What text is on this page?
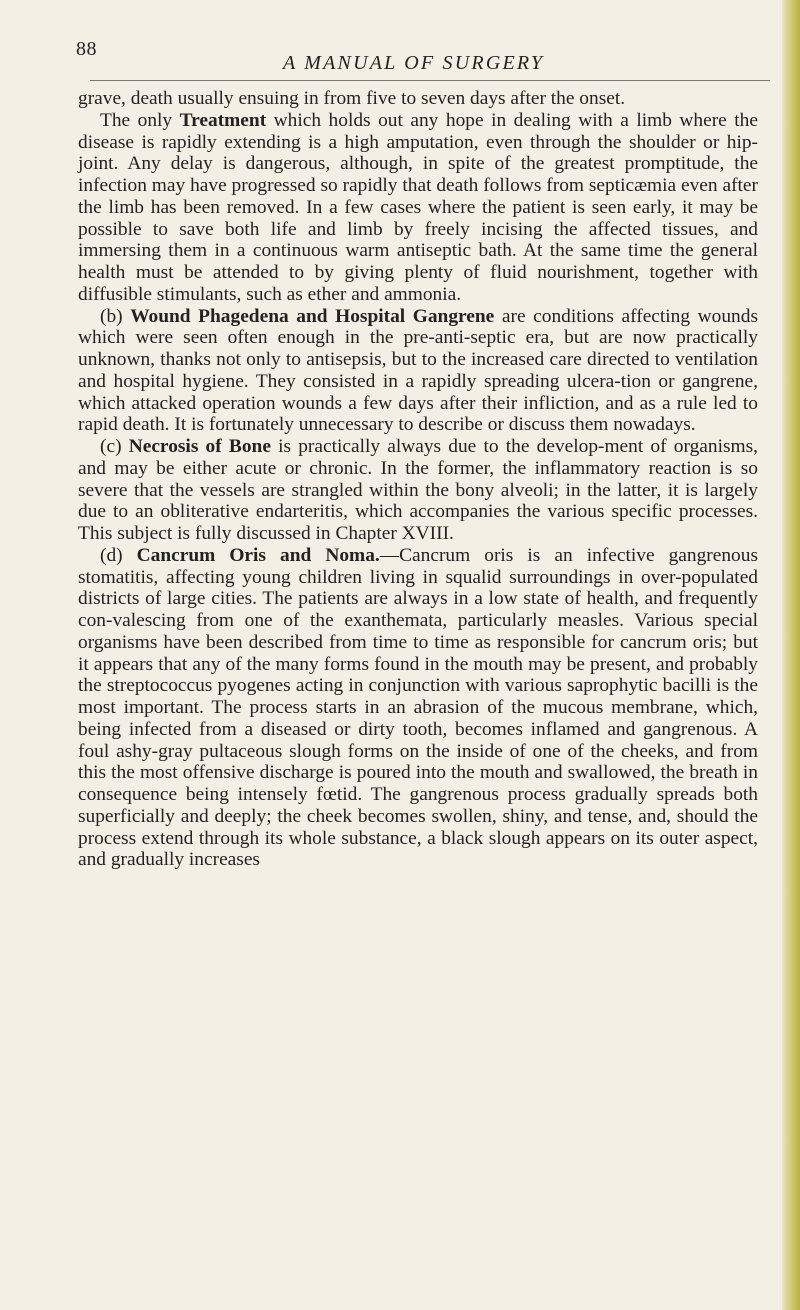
88
A MANUAL OF SURGERY

grave, death usually ensuing in from five to seven days after the onset.

The only Treatment which holds out any hope in dealing with a limb where the disease is rapidly extending is a high amputation, even through the shoulder or hip-joint. Any delay is dangerous, although, in spite of the greatest promptitude, the infection may have progressed so rapidly that death follows from septicæmia even after the limb has been removed. In a few cases where the patient is seen early, it may be possible to save both life and limb by freely incising the affected tissues, and immersing them in a continuous warm antiseptic bath. At the same time the general health must be attended to by giving plenty of fluid nourishment, together with diffusible stimulants, such as ether and ammonia.

(b) Wound Phagedena and Hospital Gangrene are conditions affecting wounds which were seen often enough in the pre-anti-septic era, but are now practically unknown, thanks not only to antisepsis, but to the increased care directed to ventilation and hospital hygiene. They consisted in a rapidly spreading ulcera-tion or gangrene, which attacked operation wounds a few days after their infliction, and as a rule led to rapid death. It is fortunately unnecessary to describe or discuss them nowadays.

(c) Necrosis of Bone is practically always due to the develop-ment of organisms, and may be either acute or chronic. In the former, the inflammatory reaction is so severe that the vessels are strangled within the bony alveoli; in the latter, it is largely due to an obliterative endarteritis, which accompanies the various specific processes. This subject is fully discussed in Chapter XVIII.

(d) Cancrum Oris and Noma.—Cancrum oris is an infective gangrenous stomatitis, affecting young children living in squalid surroundings in over-populated districts of large cities. The patients are always in a low state of health, and frequently con-valescing from one of the exanthemata, particularly measles. Various special organisms have been described from time to time as responsible for cancrum oris; but it appears that any of the many forms found in the mouth may be present, and probably the streptococcus pyogenes acting in conjunction with various saprophytic bacilli is the most important. The process starts in an abrasion of the mucous membrane, which, being infected from a diseased or dirty tooth, becomes inflamed and gangrenous. A foul ashy-gray pultaceous slough forms on the inside of one of the cheeks, and from this the most offensive discharge is poured into the mouth and swallowed, the breath in consequence being intensely fœtid. The gangrenous process gradually spreads both superficially and deeply; the cheek becomes swollen, shiny, and tense, and, should the process extend through its whole substance, a black slough appears on its outer aspect, and gradually increases
